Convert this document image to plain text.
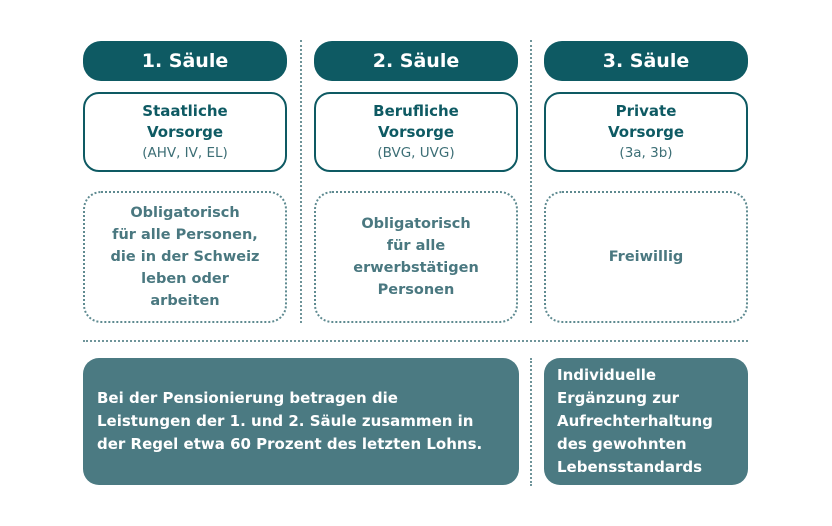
1. Säule	2. Säule	3. Säule
Staatliche
Vorsorge
(AHV, IV, EL)
Berufliche
Vorsorge
(BVG, UVG)
Private
Vorsorge
(3a, 3b)
Obligatorisch
für alle Personen,
die in der Schweiz
leben oder
arbeiten
Obligatorisch
für alle
erwerbstätigen
Personen
Freiwillig
Bei der Pensionierung betragen die
Leistungen der 1. und 2. Säule zusammen in
der Regel etwa 60 Prozent des letzten Lohns.
Individuelle
Ergänzung zur
Aufrechterhaltung
des gewohnten
Lebensstandards
